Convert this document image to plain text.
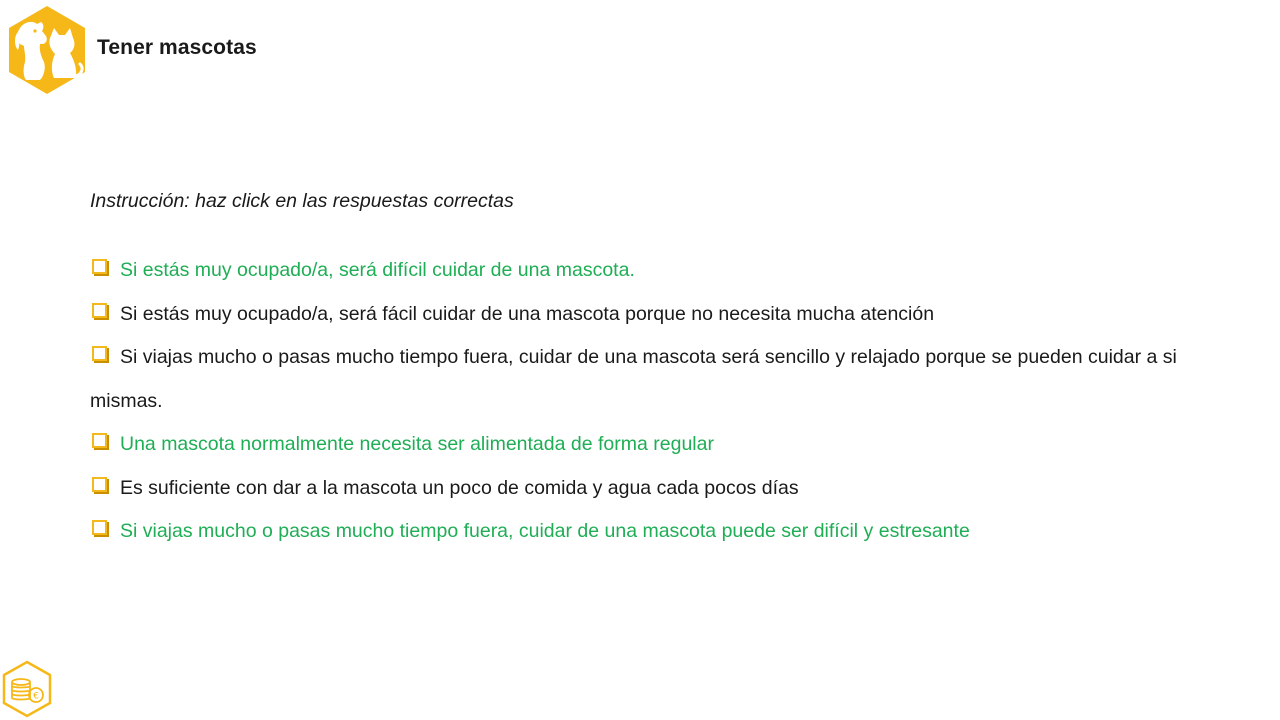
Tener mascotas
Instrucción: haz click en las respuestas correctas
Si estás muy ocupado/a, será difícil cuidar de una mascota.
Si estás muy ocupado/a, será fácil cuidar de una mascota porque no necesita mucha atención
Si viajas mucho o pasas mucho tiempo fuera, cuidar de una mascota será sencillo y relajado porque se pueden cuidar a si mismas.
Una mascota normalmente necesita ser alimentada de forma regular
Es suficiente con dar a la mascota un poco de comida y agua cada pocos días
Si viajas mucho o pasas mucho tiempo fuera, cuidar de una mascota puede ser difícil y estresante
€
